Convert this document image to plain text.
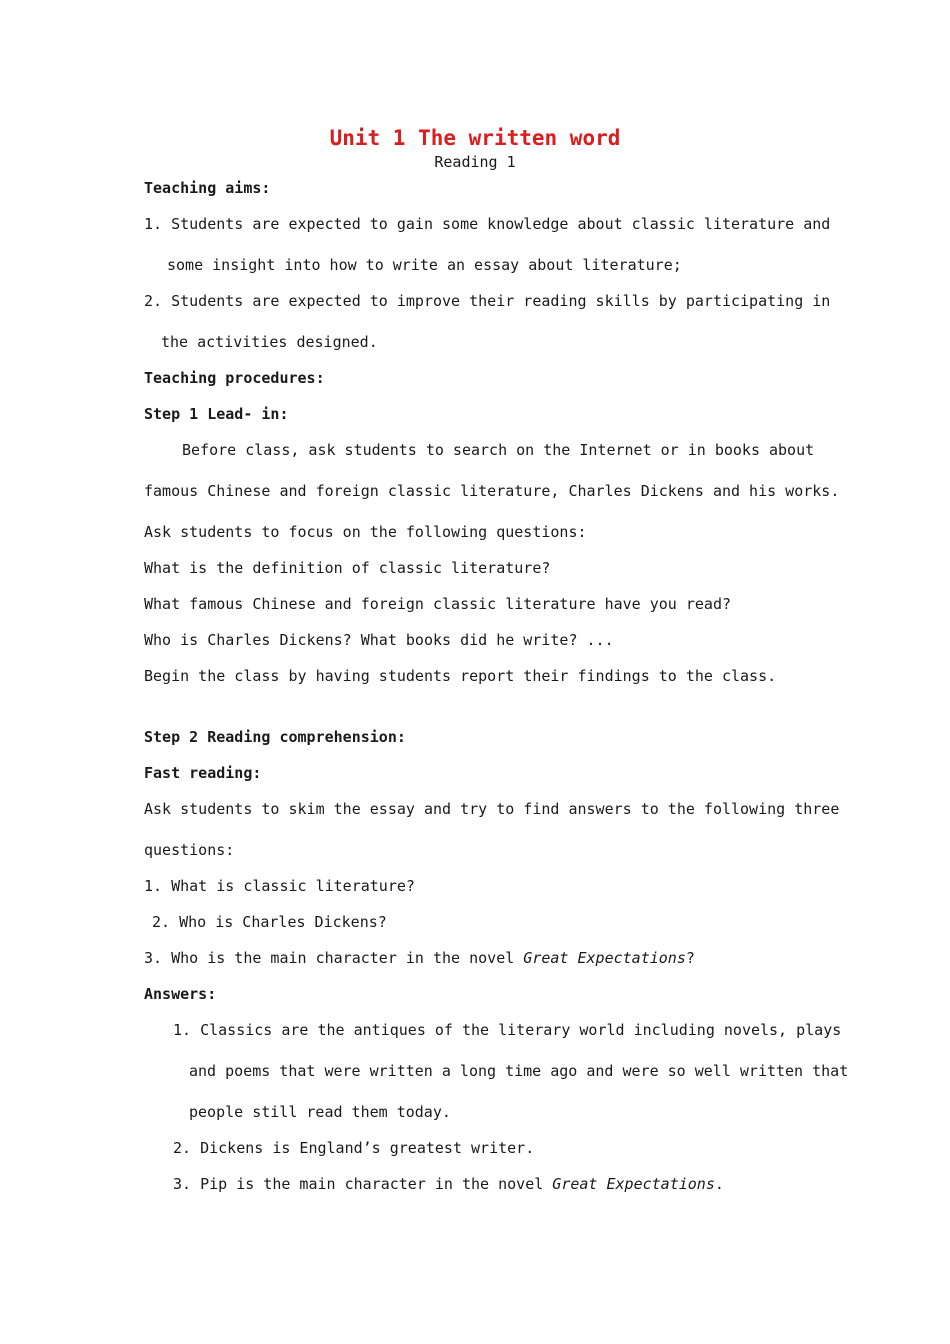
Unit 1 The written word
Reading 1
Teaching aims:
1. Students are expected to gain some knowledge about classic literature and
some insight into how to write an essay about literature;
2. Students are expected to improve their reading skills by participating in
the activities designed.
Teaching procedures:
Step 1 Lead- in:
Before class, ask students to search on the Internet or in books about
famous Chinese and foreign classic literature, Charles Dickens and his works.
Ask students to focus on the following questions:
What is the definition of classic literature?
What famous Chinese and foreign classic literature have you read?
Who is Charles Dickens? What books did he write? ...
Begin the class by having students report their findings to the class.
Step 2 Reading comprehension:
Fast reading:
Ask students to skim the essay and try to find answers to the following three
questions:
1. What is classic literature?
2. Who is Charles Dickens?
3. Who is the main character in the novel Great Expectations?
Answers:
1. Classics are the antiques of the literary world including novels, plays
and poems that were written a long time ago and were so well written that
people still read them today.
2. Dickens is England’s greatest writer.
3. Pip is the main character in the novel Great Expectations.
